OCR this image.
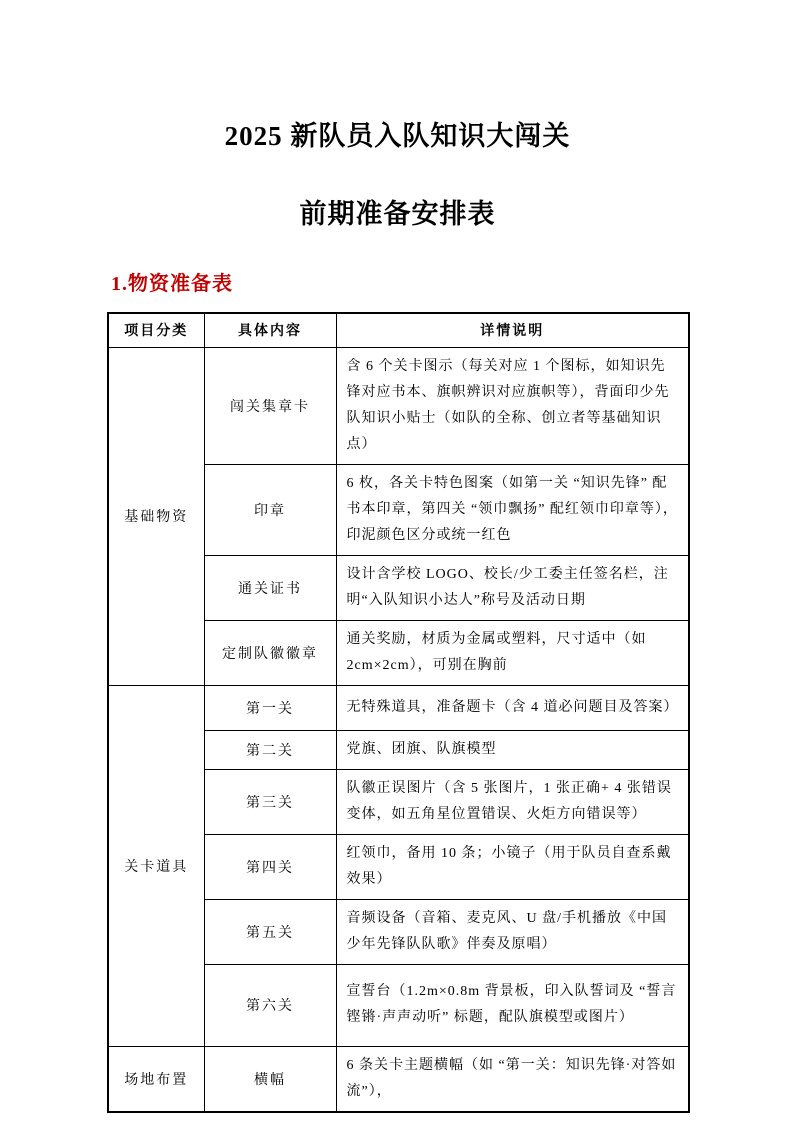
2025 新队员入队知识大闯关
前期准备安排表
1.物资准备表
项目分类	具体内容	详情说明
基础物资	闯关集章卡	含 6 个关卡图示（每关对应 1 个图标，如知识先锋对应书本、旗帜辨识对应旗帜等），背面印少先队知识小贴士（如队的全称、创立者等基础知识点）
	印章	6 枚，各关卡特色图案（如第一关 “知识先锋” 配书本印章，第四关 “领巾飘扬” 配红领巾印章等），印泥颜色区分或统一红色
	通关证书	设计含学校 LOGO、校长/少工委主任签名栏，注明“入队知识小达人”称号及活动日期
	定制队徽徽章	通关奖励，材质为金属或塑料，尺寸适中（如 2cm×2cm），可别在胸前
关卡道具	第一关	无特殊道具，准备题卡（含 4 道必问题目及答案）
	第二关	党旗、团旗、队旗模型
	第三关	队徽正误图片（含 5 张图片，1 张正确+ 4 张错误变体，如五角星位置错误、火炬方向错误等）
	第四关	红领巾，备用 10 条；小镜子（用于队员自查系戴效果）
	第五关	音频设备（音箱、麦克风、U 盘/手机播放《中国少年先锋队队歌》伴奏及原唱）
	第六关	宣誓台（1.2m×0.8m 背景板，印入队誓词及 “誓言铿锵·声声动听” 标题，配队旗模型或图片）
场地布置	横幅	6 条关卡主题横幅（如 “第一关：知识先锋·对答如流”），
